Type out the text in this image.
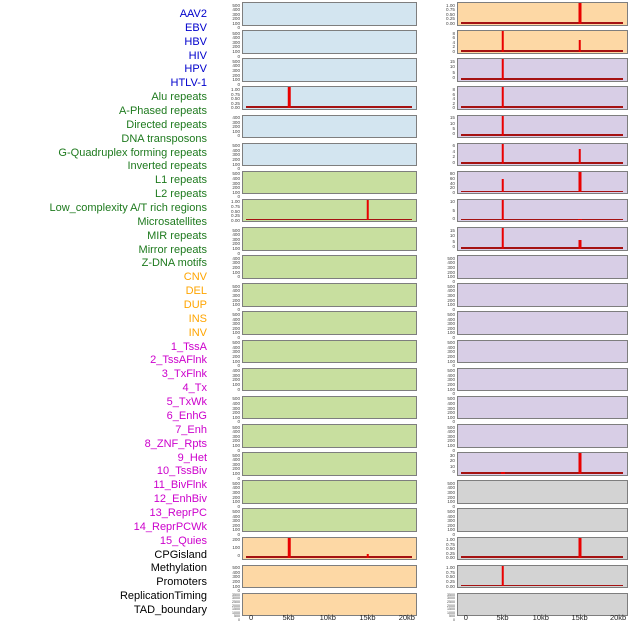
AAV2
EBV
HBV
HIV
HPV
HTLV-1
Alu repeats
A-Phased repeats
Directed repeats
DNA transposons
G-Quadruplex forming repeats
Inverted repeats
L1 repeats
L2 repeats
Low_complexity A/T rich regions
Microsatellites
MIR repeats
Mirror repeats
Z-DNA motifs
CNV
DEL
DUP
INS
INV
1_TssA
2_TssAFlnk
3_TxFlnk
4_Tx
5_TxWk
6_EnhG
7_Enh
8_ZNF_Rpts
9_Het
10_TssBiv
11_BivFlnk
12_EnhBiv
13_ReprPC
14_ReprPCWk
15_Quies
CPGisland
Methylation
Promoters
ReplicationTiming
TAD_boundary
500
400
300
200
100
0
500
400
300
200
100
0
500
400
300
200
100
0
1.00
0.75
0.50
0.25
0.00
400
300
200
100
0
500
400
300
200
100
0
500
400
300
200
100
0
1.00
0.75
0.50
0.25
0.00
500
400
300
200
100
0
400
300
200
100
0
500
400
300
200
100
0
500
400
300
200
100
0
500
400
300
200
100
0
400
300
200
100
0
500
400
300
200
100
0
500
400
300
200
100
0
500
400
300
200
100
0
500
400
300
200
100
0
500
400
300
200
100
0
200
100
0
500
400
300
200
100
0
3500
3000
2500
2000
1500
1000
500
0 0	5kb	10kb	15kb	20kb
1.00
0.75
0.50
0.25
0.00
8
6
4
2
0
15
10
5
0
8
6
4
2
0
15
10
5
0
6
4
2
0
80
60
40
20
0
10
5
0
15
10
5
0
500
400
300
200
100
0
500
400
300
200
100
0
500
400
300
200
100
0
500
400
300
200
100
0
500
400
300
200
100
0
500
400
300
200
100
0
500
400
300
200
100
0
30
20
10
0
500
400
300
200
100
0
500
400
300
200
100
0
1.00
0.75
0.50
0.25
0.00
1.00
0.75
0.50
0.25
0.00
3500
3000
2500
2000
1500
1000
500
0 0	5kb	10kb	15kb	20kb
